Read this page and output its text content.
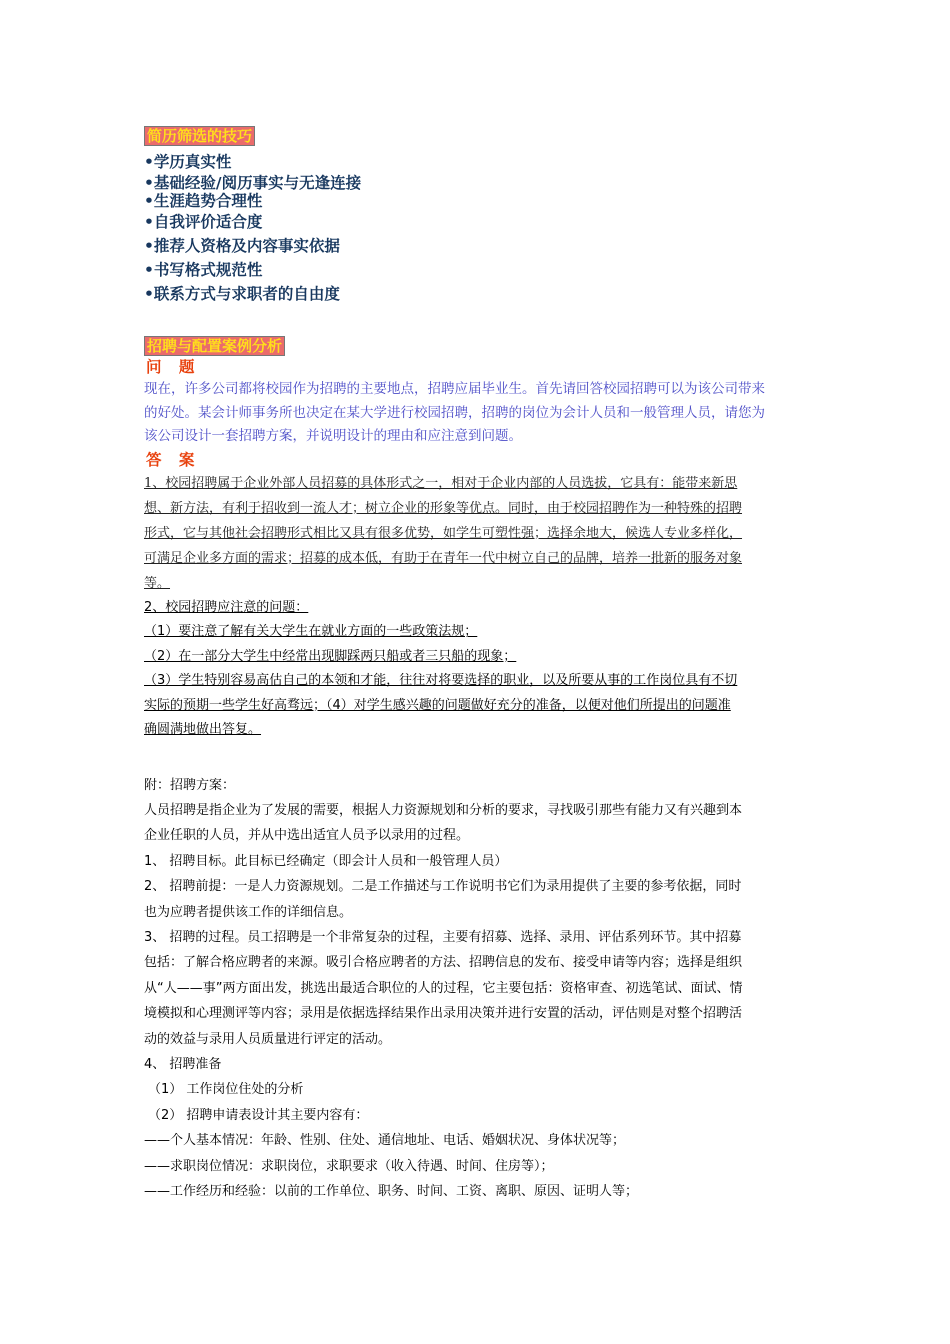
简历筛选的技巧
•学历真实性
•基础经验/阅历事实与无逢连接
•生涯趋势合理性
•自我评价适合度
•推荐人资格及内容事实依据
•书写格式规范性
•联系方式与求职者的自由度
招聘与配置案例分析
问 题
现在，许多公司都将校园作为招聘的主要地点，招聘应届毕业生。首先请回答校园招聘可以为该公司带来
的好处。某会计师事务所也决定在某大学进行校园招聘，招聘的岗位为会计人员和一般管理人员，请您为
该公司设计一套招聘方案，并说明设计的理由和应注意到问题。
答 案
1、校园招聘属于企业外部人员招募的具体形式之一，相对于企业内部的人员选拔，它具有：能带来新思
想、新方法，有利于招收到一流人才；树立企业的形象等优点。同时，由于校园招聘作为一种特殊的招聘
形式，它与其他社会招聘形式相比又具有很多优势，如学生可塑性强；选择余地大，候选人专业多样化，
可满足企业多方面的需求；招募的成本低，有助于在青年一代中树立自己的品牌，培养一批新的服务对象
等。
2、校园招聘应注意的问题：
（1）要注意了解有关大学生在就业方面的一些政策法规；
（2）在一部分大学生中经常出现脚踩两只船或者三只船的现象；
（3）学生特别容易高估自己的本领和才能，往往对将要选择的职业，以及所要从事的工作岗位具有不切
实际的预期一些学生好高骛远；（4）对学生感兴趣的问题做好充分的准备，以便对他们所提出的问题准
确圆满地做出答复。
附：招聘方案：
人员招聘是指企业为了发展的需要，根据人力资源规划和分析的要求，寻找吸引那些有能力又有兴趣到本
企业任职的人员，并从中选出适宜人员予以录用的过程。
1、 招聘目标。此目标已经确定（即会计人员和一般管理人员）
2、 招聘前提：一是人力资源规划。二是工作描述与工作说明书它们为录用提供了主要的参考依据，同时
也为应聘者提供该工作的详细信息。
3、 招聘的过程。员工招聘是一个非常复杂的过程，主要有招募、选择、录用、评估系列环节。其中招募
包括：了解合格应聘者的来源。吸引合格应聘者的方法、招聘信息的发布、接受申请等内容；选择是组织
从“人——事”两方面出发，挑选出最适合职位的人的过程，它主要包括：资格审查、初选笔试、面试、情
境模拟和心理测评等内容；录用是依据选择结果作出录用决策并进行安置的活动，评估则是对整个招聘活
动的效益与录用人员质量进行评定的活动。
4、 招聘准备
（1） 工作岗位住处的分析
（2） 招聘申请表设计其主要内容有：
——个人基本情况：年龄、性别、住处、通信地址、电话、婚姻状况、身体状况等；
——求职岗位情况：求职岗位，求职要求（收入待遇、时间、住房等）；
——工作经历和经验：以前的工作单位、职务、时间、工资、离职、原因、证明人等；
